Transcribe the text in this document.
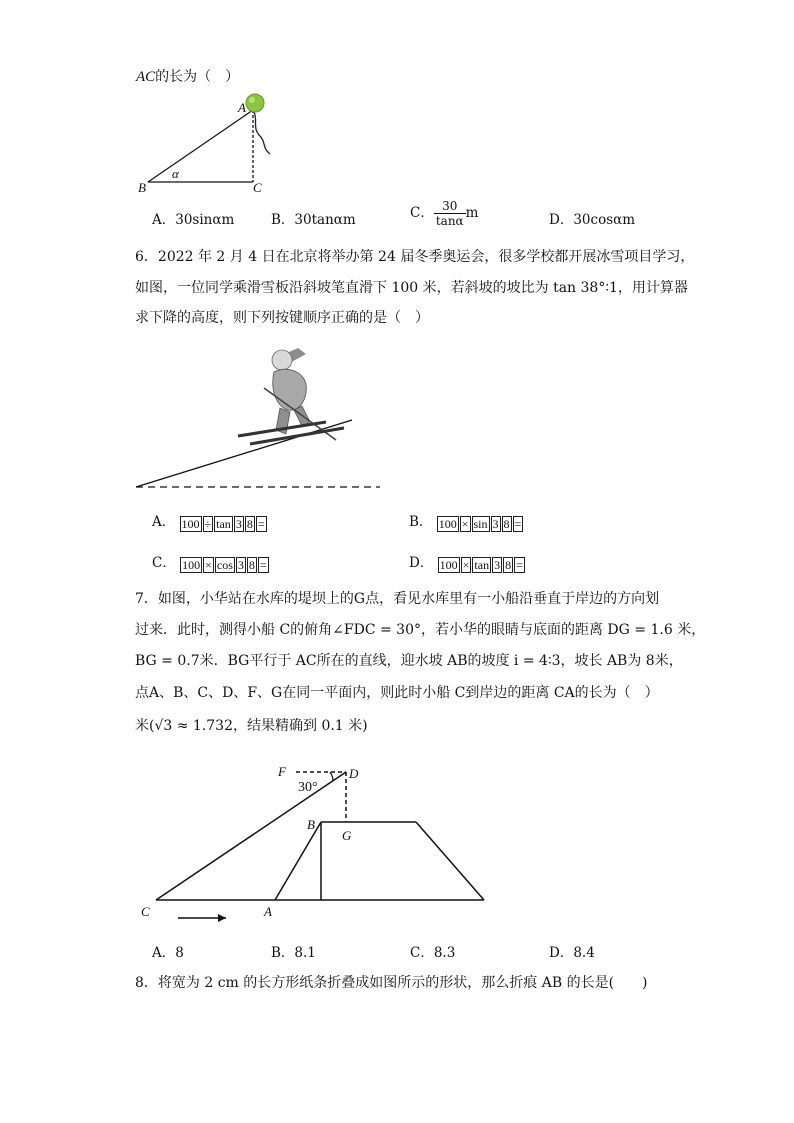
AC的长为（　）
A
B	C
α
A．30sinαm	B．30tanαm	C． $\frac{30}{\tan\alpha}$ m	D．30cosαm
6．2022 年 2 月 4 日在北京将举办第 24 届冬季奥运会，很多学校都开展冰雪项目学习，
如图，一位同学乘滑雪板沿斜坡笔直滑下 100 米，若斜坡的坡比为 tan 38°∶1，用计算器
求下降的高度，则下列按键顺序正确的是（　）
A． 100 ÷ tan 3 8 =	B． 100 × sin 3 8 =
C． 100 × cos 3 8 =	D． 100 × tan 3 8 =
7．如图，小华站在水库的堤坝上的G点，看见水库里有一小船沿垂直于岸边的方向划
过来．此时，测得小船 C的俯角∠FDC = 30°，若小华的眼睛与底面的距离 DG = 1.6 米，
BG = 0.7米．BG平行于 AC所在的直线，迎水坡 AB的坡度 i = 4∶3，坡长 AB为 8米，
点A、B、C、D、F、G在同一平面内，则此时小船 C到岸边的距离 CA的长为（　）
米(√3 ≈ 1.732，结果精确到 0.1 米)
F	D
30°
B
G
C	A
A．8	B．8.1	C．8.3	D．8.4
8．将宽为 2 cm 的长方形纸条折叠成如图所示的形状，那么折痕 AB 的长是(　　)
